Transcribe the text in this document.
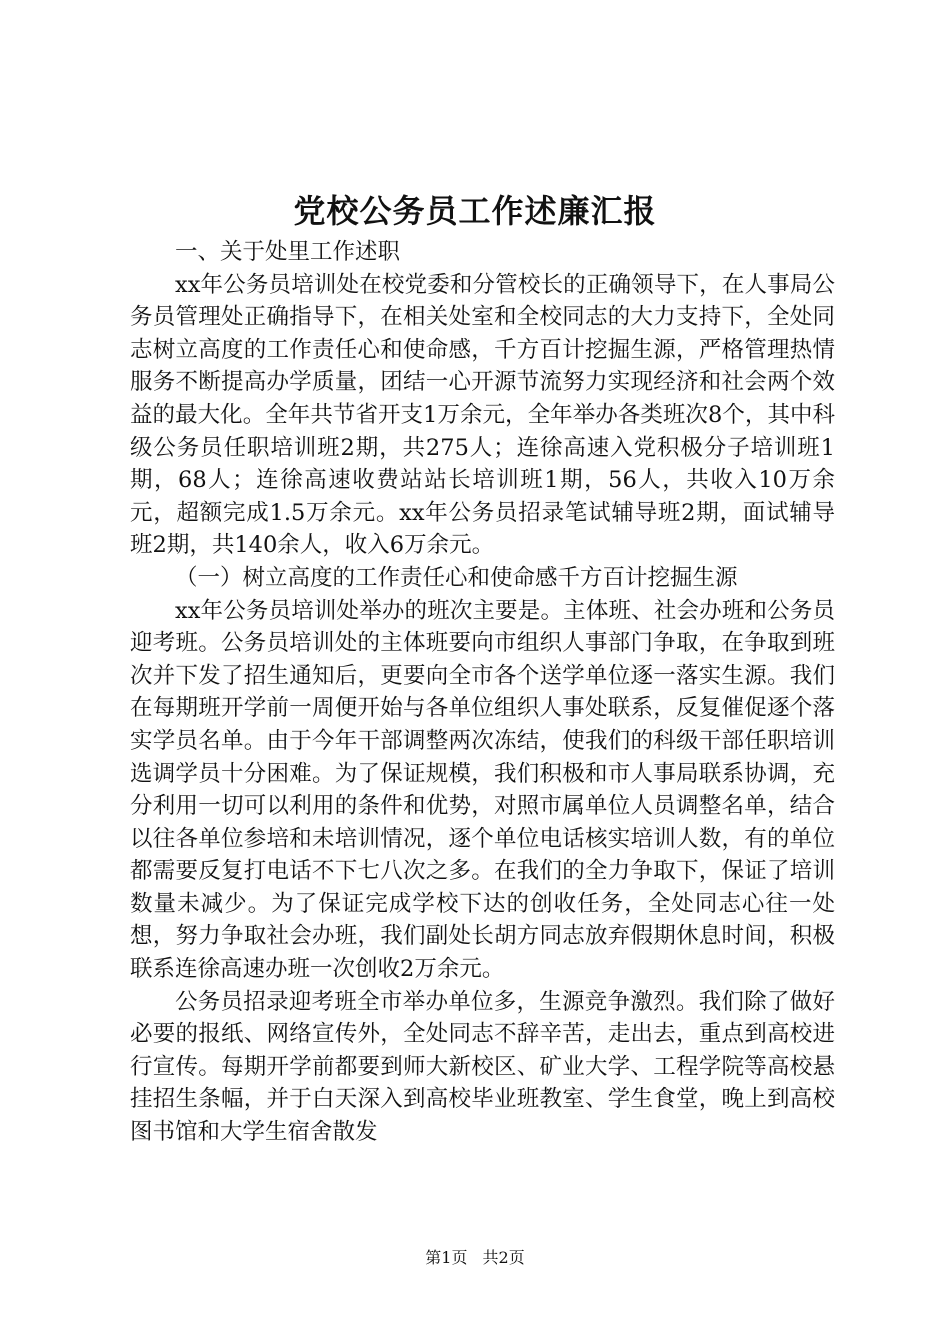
党校公务员工作述廉汇报

一、关于处里工作述职

xx年公务员培训处在校党委和分管校长的正确领导下，在人事局公务员管理处正确指导下，在相关处室和全校同志的大力支持下，全处同志树立高度的工作责任心和使命感，千方百计挖掘生源，严格管理热情服务不断提高办学质量，团结一心开源节流努力实现经济和社会两个效益的最大化。全年共节省开支1万余元，全年举办各类班次8个，其中科级公务员任职培训班2期，共275人；连徐高速入党积极分子培训班1期，68人；连徐高速收费站站长培训班1期，56人，共收入10万余元，超额完成1.5万余元。xx年公务员招录笔试辅导班2期，面试辅导班2期，共140余人，收入6万余元。

（一）树立高度的工作责任心和使命感千方百计挖掘生源

xx年公务员培训处举办的班次主要是。主体班、社会办班和公务员迎考班。公务员培训处的主体班要向市组织人事部门争取，在争取到班次并下发了招生通知后，更要向全市各个送学单位逐一落实生源。我们在每期班开学前一周便开始与各单位组织人事处联系，反复催促逐个落实学员名单。由于今年干部调整两次冻结，使我们的科级干部任职培训选调学员十分困难。为了保证规模，我们积极和市人事局联系协调，充分利用一切可以利用的条件和优势，对照市属单位人员调整名单，结合以往各单位参培和未培训情况，逐个单位电话核实培训人数，有的单位都需要反复打电话不下七八次之多。在我们的全力争取下，保证了培训数量未减少。为了保证完成学校下达的创收任务，全处同志心往一处想，努力争取社会办班，我们副处长胡方同志放弃假期休息时间，积极联系连徐高速办班一次创收2万余元。

公务员招录迎考班全市举办单位多，生源竞争激烈。我们除了做好必要的报纸、网络宣传外，全处同志不辞辛苦，走出去，重点到高校进行宣传。每期开学前都要到师大新校区、矿业大学、工程学院等高校悬挂招生条幅，并于白天深入到高校毕业班教室、学生食堂，晚上到高校图书馆和大学生宿舍散发

第1页 共2页
